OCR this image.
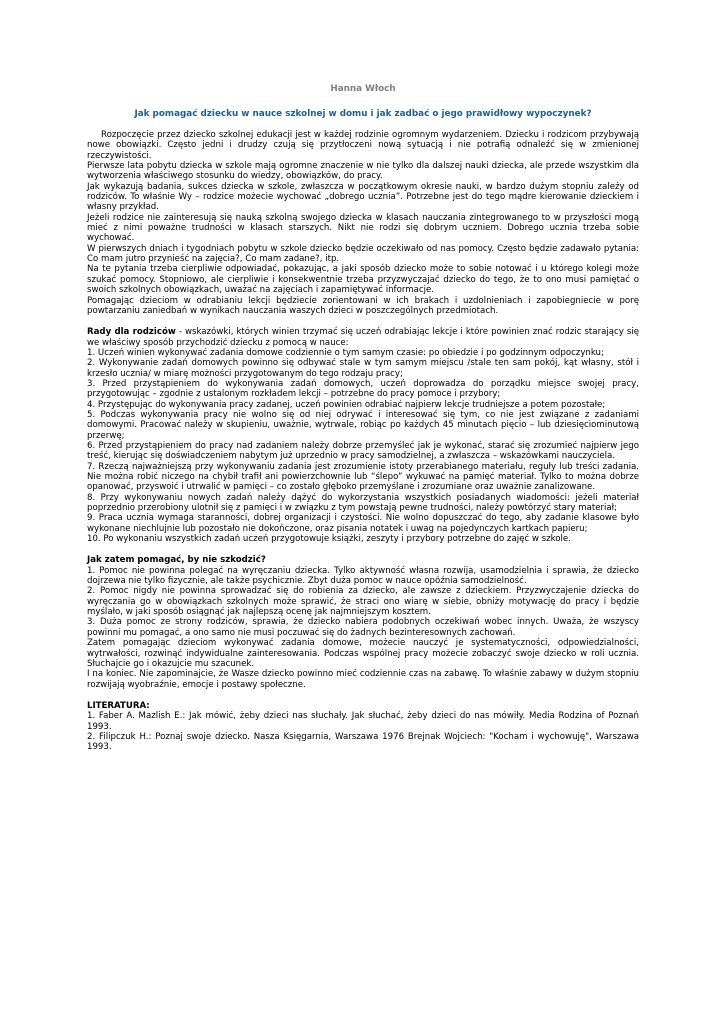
Hanna Włoch
Jak pomagać dziecku w nauce szkolnej w domu i jak zadbać o jego prawidłowy wypoczynek?

Rozpoczęcie przez dziecko szkolnej edukacji jest w każdej rodzinie ogromnym wydarzeniem. Dziecku i rodzicom przybywają nowe obowiązki. Często jedni i drudzy czują się przytłoczeni nową sytuacją i nie potrafią odnaleźć się w zmienionej rzeczywistości.

Pierwsze lata pobytu dziecka w szkole mają ogromne znaczenie w nie tylko dla dalszej nauki dziecka, ale przede wszystkim dla wytworzenia właściwego stosunku do wiedzy, obowiązków, do pracy.

Jak wykazują badania, sukces dziecka w szkole, zwłaszcza w początkowym okresie nauki, w bardzo dużym stopniu zależy od rodziców. To właśnie Wy – rodzice możecie wychować „dobrego ucznia”. Potrzebne jest do tego mądre kierowanie dzieckiem i własny przykład.

Jeżeli rodzice nie zainteresują się nauką szkolną swojego dziecka w klasach nauczania zintegrowanego to w przyszłości mogą mieć z nimi poważne trudności w klasach starszych. Nikt nie rodzi się dobrym uczniem. Dobrego ucznia trzeba sobie wychować.

W pierwszych dniach i tygodniach pobytu w szkole dziecko będzie oczekiwało od nas pomocy. Często będzie zadawało pytania: Co mam jutro przynieść na zajęcia?, Co mam zadane?, itp.

Na te pytania trzeba cierpliwie odpowiadać, pokazując, a jaki sposób dziecko może to sobie notować i u którego kolegi może szukać pomocy. Stopniowo, ale cierpliwie i konsekwentnie trzeba przyzwyczajać dziecko do tego, że to ono musi pamiętać o swoich szkolnych obowiązkach, uważać na zajęciach i zapamiętywać informacje.

Pomagając dzieciom w odrabianiu lekcji będziecie zorientowani w ich brakach i uzdolnieniach i zapobiegniecie w porę powtarzaniu zaniedbań w wynikach nauczania waszych dzieci w poszczególnych przedmiotach.

Rady dla rodziców - wskazówki, których winien trzymać się uczeń odrabiając lekcje i które powinien znać rodzic starający się we właściwy sposób przychodzić dziecku z pomocą w nauce:

1. Uczeń winien wykonywać zadania domowe codziennie o tym samym czasie: po obiedzie i po godzinnym odpoczynku;

2. Wykonywanie zadań domowych powinno się odbywać stale w tym samym miejscu /stale ten sam pokój, kąt własny, stół i krzesło ucznia/ w miarę możności przygotowanym do tego rodzaju pracy;

3. Przed przystąpieniem do wykonywania zadań domowych, uczeń doprowadza do porządku miejsce swojej pracy, przygotowując – zgodnie z ustalonym rozkładem lekcji – potrzebne do pracy pomoce i przybory;

4. Przystępując do wykonywania pracy zadanej, uczeń powinien odrabiać najpierw lekcje trudniejsze a potem pozostałe;

5. Podczas wykonywania pracy nie wolno się od niej odrywać i interesować się tym, co nie jest związane z zadaniami domowymi. Pracować należy w skupieniu, uważnie, wytrwale, robiąc po każdych 45 minutach pięcio – lub dziesięciominutową przerwę;

6. Przed przystąpieniem do pracy nad zadaniem należy dobrze przemyśleć jak je wykonać, starać się zrozumieć najpierw jego treść, kierując się doświadczeniem nabytym już uprzednio w pracy samodzielnej, a zwłaszcza – wskazówkami nauczyciela.

7. Rzeczą najważniejszą przy wykonywaniu zadania jest zrozumienie istoty przerabianego materiału, reguły lub treści zadania. Nie można robić niczego na chybił trafił ani powierzchownie lub “ślepo” wykuwać na pamięć materiał. Tylko to można dobrze opanować, przyswoić i utrwalić w pamięci – co zostało głęboko przemyślane i zrozumiane oraz uważnie zanalizowane.

8. Przy wykonywaniu nowych zadań należy dążyć do wykorzystania wszystkich posiadanych wiadomości: jeżeli materiał poprzednio przerobiony ulotnił się z pamięci i w związku z tym powstają pewne trudności, należy powtórzyć stary materiał;

9. Praca ucznia wymaga staranności, dobrej organizacji i czystości. Nie wolno dopuszczać do tego, aby zadanie klasowe było wykonane niechlujnie lub pozostało nie dokończone, oraz pisania notatek i uwag na pojedynczych kartkach papieru;

10. Po wykonaniu wszystkich zadań uczeń przygotowuje książki, zeszyty i przybory potrzebne do zajęć w szkole.

Jak zatem pomagać, by nie szkodzić?

1. Pomoc nie powinna polegać na wyręczaniu dziecka. Tylko aktywność własna rozwija, usamodzielnia i sprawia, że dziecko dojrzewa nie tylko fizycznie, ale także psychicznie. Zbyt duża pomoc w nauce opóźnia samodzielność.

2. Pomoc nigdy nie powinna sprowadzać się do robienia za dziecko, ale zawsze z dzieckiem. Przyzwyczajenie dziecka do wyręczania go w obowiązkach szkolnych może sprawić, że straci ono wiarę w siebie, obniży motywację do pracy i będzie myślało, w jaki sposób osiągnąć jak najlepszą ocenę jak najmniejszym kosztem.

3. Duża pomoc ze strony rodziców, sprawia, że dziecko nabiera podobnych oczekiwań wobec innych. Uważa, że wszyscy powinni mu pomagać, a ono samo nie musi poczuwać się do żadnych bezinteresownych zachowań.

Zatem pomagając dzieciom wykonywać zadania domowe, możecie nauczyć je systematyczności, odpowiedzialności, wytrwałości, rozwinąć indywidualne zainteresowania. Podczas wspólnej pracy możecie zobaczyć swoje dziecko w roli ucznia. Słuchajcie go i okazujcie mu szacunek.

I na koniec. Nie zapominajcie, że Wasze dziecko powinno mieć codziennie czas na zabawę. To właśnie zabawy w dużym stopniu rozwijają wyobraźnie, emocje i postawy społeczne.

LITERATURA:

1. Faber A. Mazlish E.: Jak mówić, żeby dzieci nas słuchały. Jak słuchać, żeby dzieci do nas mówiły. Media Rodzina of Poznań 1993.

2. Filipczuk H.: Poznaj swoje dziecko. Nasza Księgarnia, Warszawa 1976 Brejnak Wojciech: "Kocham i wychowuję", Warszawa 1993.
